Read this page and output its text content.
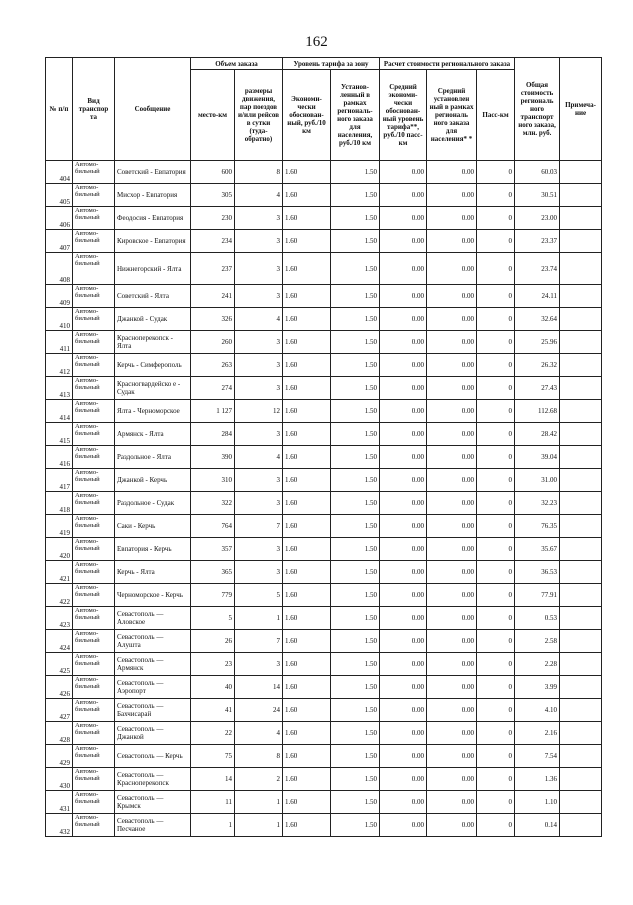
162
№ п/п	Вид транспор та	Сообщение	Объем заказа		Уровень тарифа за зону		Расчет стоимости регионального заказа			Общая стоимость региональ ного транспорт ного заказа, млн. руб.	Примеча-ние
			место-км	размеры движения, пар поездов и/или рейсов в сутки (туда-обратно)	Экономи-чески обоснован-ный, руб./10 км	Установ-ленный в рамках региональ-ного заказа для населения, руб./10 км					
							Средний экономи-чески обоснован-ный уровень тарифа**, руб./10 пасс-км	Средний установлен ный в рамках региональ ного заказа для населения* *	Пасс-км		
404	Автомо-бильный	Советский - Евпатория	600	8	1.60	1.50	0.00	0.00	0	60.03	
405	Автомо-бильный	Мисхор - Евпатория	305	4	1.60	1.50	0.00	0.00	0	30.51	
406	Автомо-бильный	Феодосия - Евпатория	230	3	1.60	1.50	0.00	0.00	0	23.00	
407	Автомо-бильный	Кировское - Евпатория	234	3	1.60	1.50	0.00	0.00	0	23.37	
408	Автомо-бильный	Нижнегорский - Ялта	237	3	1.60	1.50	0.00	0.00	0	23.74	
409	Автомо-бильный	Советский - Ялта	241	3	1.60	1.50	0.00	0.00	0	24.11	
410	Автомо-бильный	Джанкой - Судак	326	4	1.60	1.50	0.00	0.00	0	32.64	
411	Автомо-бильный	Красноперекопск - Ялта	260	3	1.60	1.50	0.00	0.00	0	25.96	
412	Автомо-бильный	Керчь - Симферополь	263	3	1.60	1.50	0.00	0.00	0	26.32	
413	Автомо-бильный	Красногвардейско е - Судак	274	3	1.60	1.50	0.00	0.00	0	27.43	
414	Автомо-бильный	Ялта - Черноморское	1 127	12	1.60	1.50	0.00	0.00	0	112.68	
415	Автомо-бильный	Армянск - Ялта	284	3	1.60	1.50	0.00	0.00	0	28.42	
416	Автомо-бильный	Раздольное - Ялта	390	4	1.60	1.50	0.00	0.00	0	39.04	
417	Автомо-бильный	Джанкой - Керчь	310	3	1.60	1.50	0.00	0.00	0	31.00	
418	Автомо-бильный	Раздольное - Судак	322	3	1.60	1.50	0.00	0.00	0	32.23	
419	Автомо-бильный	Саки - Керчь	764	7	1.60	1.50	0.00	0.00	0	76.35	
420	Автомо-бильный	Евпатория - Керчь	357	3	1.60	1.50	0.00	0.00	0	35.67	
421	Автомо-бильный	Керчь - Ялта	365	3	1.60	1.50	0.00	0.00	0	36.53	
422	Автомо-бильный	Черноморское - Керчь	779	5	1.60	1.50	0.00	0.00	0	77.91	
423	Автомо-бильный	Севастополь — Аловское	5	1	1.60	1.50	0.00	0.00	0	0.53	
424	Автомо-бильный	Севастополь — Алушта	26	7	1.60	1.50	0.00	0.00	0	2.58	
425	Автомо-бильный	Севастополь — Армянск	23	3	1.60	1.50	0.00	0.00	0	2.28	
426	Автомо-бильный	Севастополь — Аэропорт	40	14	1.60	1.50	0.00	0.00	0	3.99	
427	Автомо-бильный	Севастополь — Бахчисарай	41	24	1.60	1.50	0.00	0.00	0	4.10	
428	Автомо-бильный	Севастополь — Джанкой	22	4	1.60	1.50	0.00	0.00	0	2.16	
429	Автомо-бильный	Севастополь — Керчь	75	8	1.60	1.50	0.00	0.00	0	7.54	
430	Автомо-бильный	Севастополь — Красноперекопск	14	2	1.60	1.50	0.00	0.00	0	1.36	
431	Автомо-бильный	Севастополь — Крымск	11	1	1.60	1.50	0.00	0.00	0	1.10	
432	Автомо-бильный	Севастополь — Песчаное	1	1	1.60	1.50	0.00	0.00	0	0.14	
